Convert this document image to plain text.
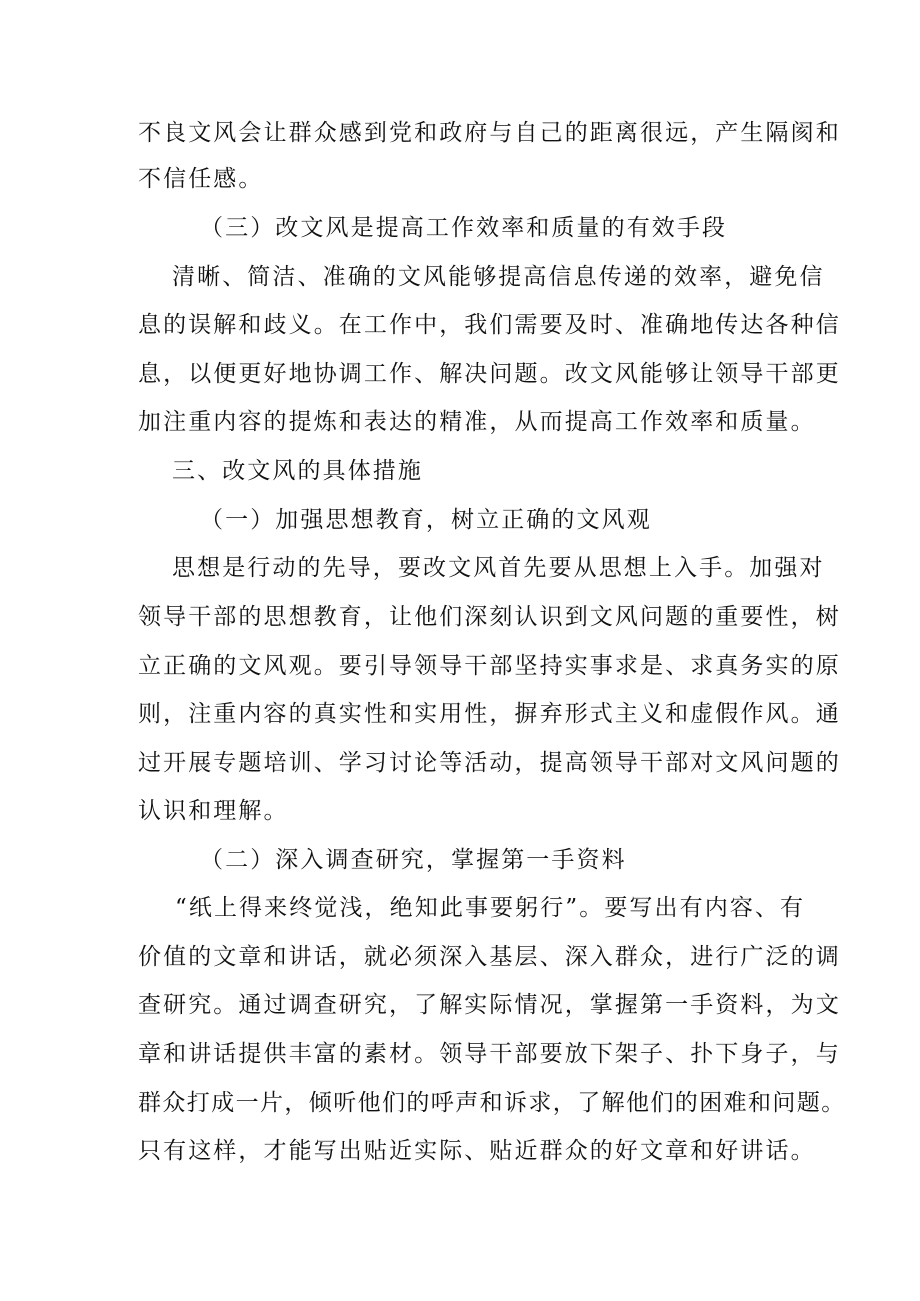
不良文风会让群众感到党和政府与自己的距离很远，产生隔阂和
不信任感。
（三）改文风是提高工作效率和质量的有效手段
清晰、简洁、准确的文风能够提高信息传递的效率，避免信
息的误解和歧义。在工作中，我们需要及时、准确地传达各种信
息，以便更好地协调工作、解决问题。改文风能够让领导干部更
加注重内容的提炼和表达的精准，从而提高工作效率和质量。
三、改文风的具体措施
（一）加强思想教育，树立正确的文风观
思想是行动的先导，要改文风首先要从思想上入手。加强对
领导干部的思想教育，让他们深刻认识到文风问题的重要性，树
立正确的文风观。要引导领导干部坚持实事求是、求真务实的原
则，注重内容的真实性和实用性，摒弃形式主义和虚假作风。通
过开展专题培训、学习讨论等活动，提高领导干部对文风问题的
认识和理解。
（二）深入调查研究，掌握第一手资料
“纸上得来终觉浅，绝知此事要躬行”。要写出有内容、有
价值的文章和讲话，就必须深入基层、深入群众，进行广泛的调
查研究。通过调查研究，了解实际情况，掌握第一手资料，为文
章和讲话提供丰富的素材。领导干部要放下架子、扑下身子，与
群众打成一片，倾听他们的呼声和诉求，了解他们的困难和问题。
只有这样，才能写出贴近实际、贴近群众的好文章和好讲话。
